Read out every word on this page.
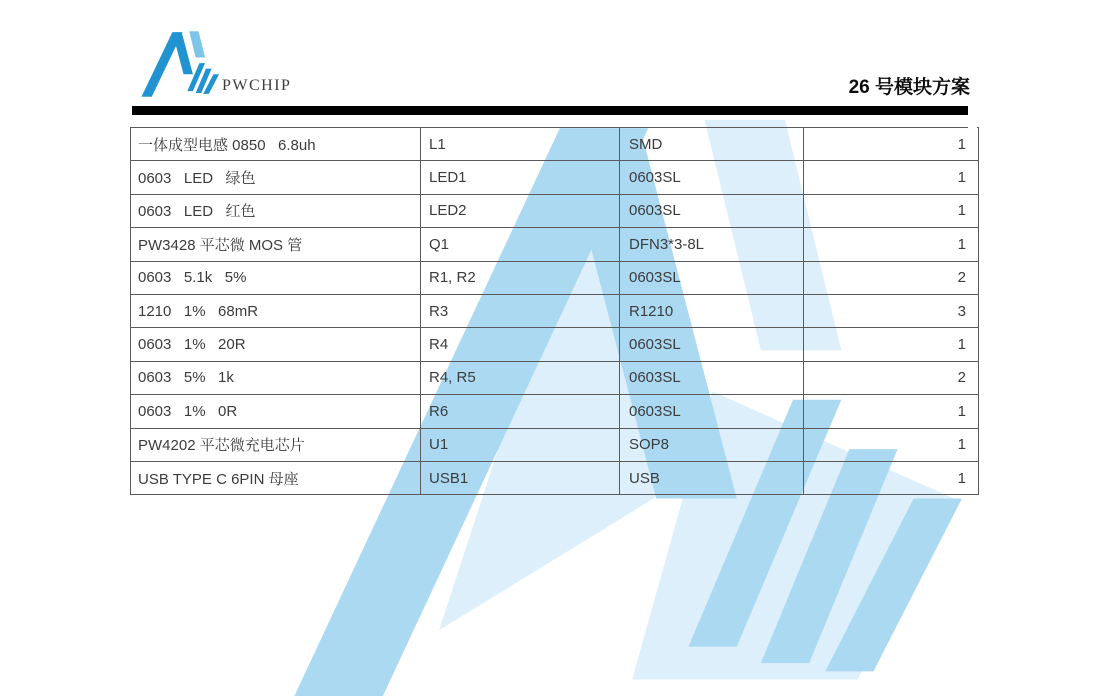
PWCHIP	26 号模块方案
一体成型电感 0850   6.8uh	L1	SMD	1
0603   LED   绿色	LED1	0603SL	1
0603   LED   红色	LED2	0603SL	1
PW3428 平芯微 MOS 管	Q1	DFN3*3-8L	1
0603   5.1k   5%	R1, R2	0603SL	2
1210   1%   68mR	R3	R1210	3
0603   1%   20R	R4	0603SL	1
0603   5%   1k	R4, R5	0603SL	2
0603   1%   0R	R6	0603SL	1
PW4202 平芯微充电芯片	U1	SOP8	1
USB TYPE C 6PIN 母座	USB1	USB	1
